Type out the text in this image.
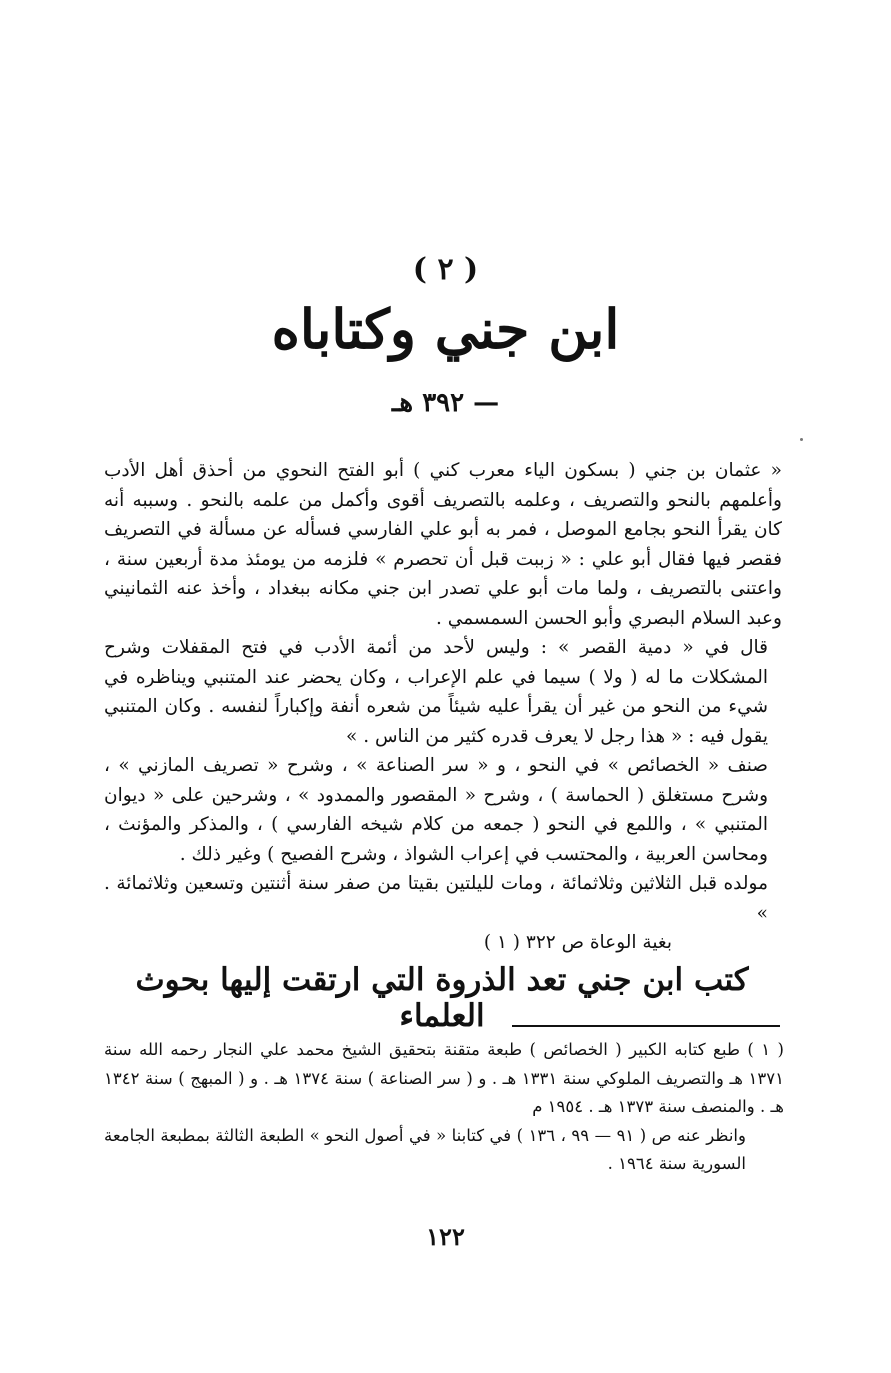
( ٢ )
ابن جني وكتاباه
— ٣٩٢ هـ

« عثمان بن جني ( بسكون الياء معرب كني ) أبو الفتح النحوي من أحذق أهل الأدب وأعلمهم بالنحو والتصريف ، وعلمه بالتصريف أقوى وأكمل من علمه بالنحو . وسببه أنه كان يقرأ النحو بجامع الموصل ، فمر به أبو علي الفارسي فسأله عن مسألة في التصريف فقصر فيها فقال أبو علي : « زببت قبل أن تحصرم » فلزمه من يومئذ مدة أربعين سنة ، واعتنى بالتصريف ، ولما مات أبو علي تصدر ابن جني مكانه ببغداد ، وأخذ عنه الثمانيني وعبد السلام البصري وأبو الحسن السمسمي .

قال في « دمية القصر » : وليس لأحد من أئمة الأدب في فتح المقفلات وشرح المشكلات ما له ( ولا ) سيما في علم الإعراب ، وكان يحضر عند المتنبي ويناظره في شيء من النحو من غير أن يقرأ عليه شيئاً من شعره أنفة وإكباراً لنفسه . وكان المتنبي يقول فيه : « هذا رجل لا يعرف قدره كثير من الناس . »

صنف « الخصائص » في النحو ، و « سر الصناعة » ، وشرح « تصريف المازني » ، وشرح مستغلق ( الحماسة ) ، وشرح « المقصور والممدود » ، وشرحين على « ديوان المتنبي » ، واللمع في النحو ( جمعه من كلام شيخه الفارسي ) ، والمذكر والمؤنث ، ومحاسن العربية ، والمحتسب في إعراب الشواذ ، وشرح الفصيح ) وغير ذلك .

مولده قبل الثلاثين وثلاثمائة ، ومات لليلتين بقيتا من صفر سنة أثنتين وتسعين وثلاثمائة . »

بغية الوعاة ص ٣٢٢ ( ١ )

كتب ابن جني تعد الذروة التي ارتقت إليها بحوث العلماء

( ١ ) طبع كتابه الكبير ( الخصائص ) طبعة متقنة بتحقيق الشيخ محمد علي النجار رحمه الله سنة ١٣٧١ هـ والتصريف الملوكي سنة ١٣٣١ هـ . و ( سر الصناعة ) سنة ١٣٧٤ هـ . و ( المبهج ) سنة ١٣٤٢ هـ . والمنصف سنة ١٣٧٣ هـ . ١٩٥٤ م

وانظر عنه ص ( ٩١ — ٩٩ ، ١٣٦ ) في كتابنا « في أصول النحو » الطبعة الثالثة بمطبعة الجامعة السورية سنة ١٩٦٤ .

١٢٢
